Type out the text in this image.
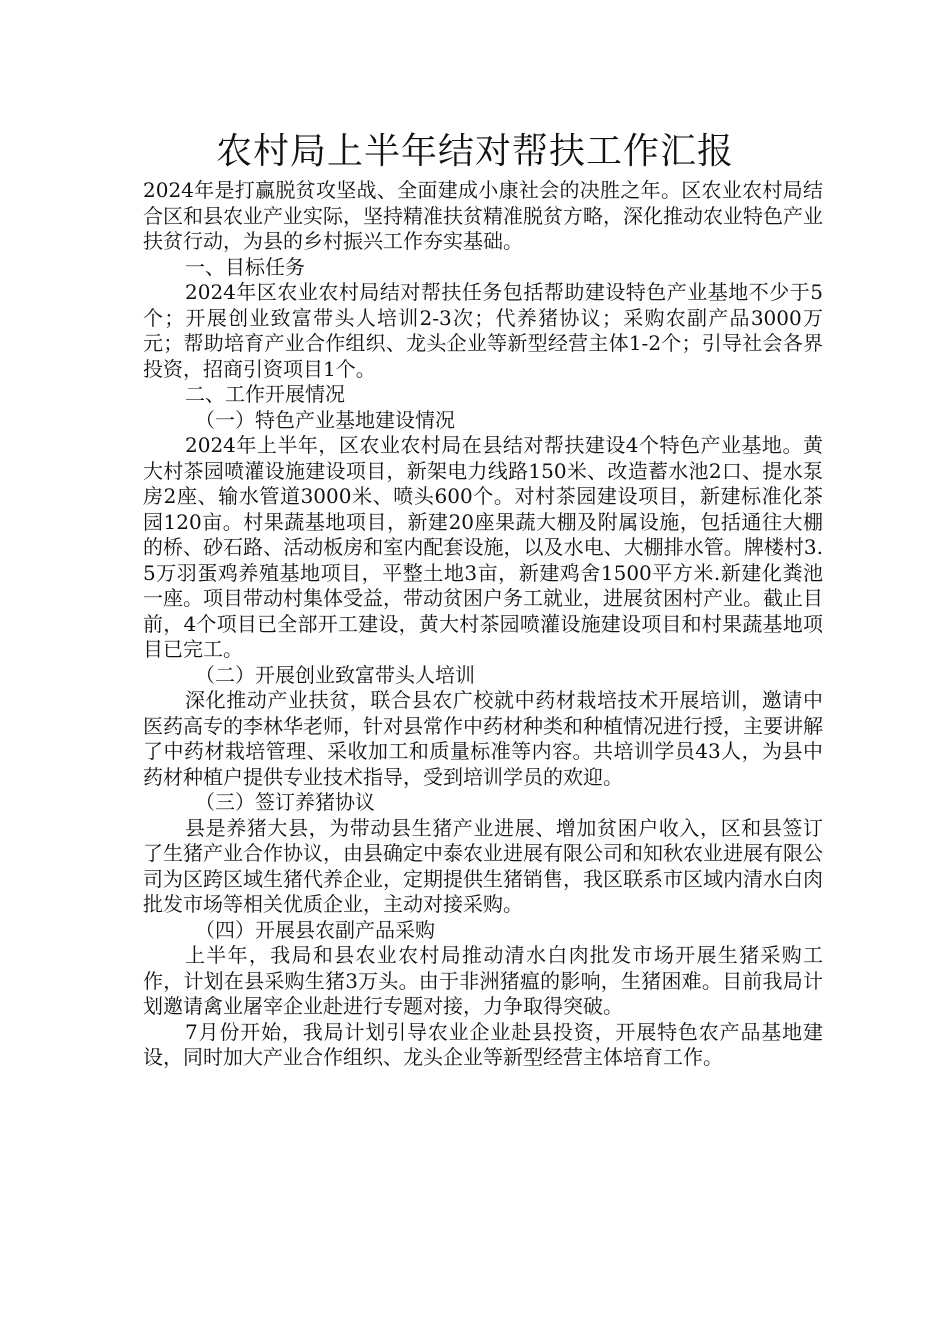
农村局上半年结对帮扶工作汇报

2024年是打赢脱贫攻坚战、全面建成小康社会的决胜之年。区农业农村局结合区和县农业产业实际，坚持精准扶贫精准脱贫方略，深化推动农业特色产业扶贫行动，为县的乡村振兴工作夯实基础。

一、目标任务

2024年区农业农村局结对帮扶任务包括帮助建设特色产业基地不少于5个；开展创业致富带头人培训2-3次；代养猪协议；采购农副产品3000万元；帮助培育产业合作组织、龙头企业等新型经营主体1-2个；引导社会各界投资，招商引资项目1个。

二、工作开展情况

（一）特色产业基地建设情况

2024年上半年，区农业农村局在县结对帮扶建设4个特色产业基地。黄大村茶园喷灌设施建设项目，新架电力线路150米、改造蓄水池2口、提水泵房2座、输水管道3000米、喷头600个。对村茶园建设项目，新建标准化茶园120亩。村果蔬基地项目，新建20座果蔬大棚及附属设施，包括通往大棚的桥、砂石路、活动板房和室内配套设施，以及水电、大棚排水管。牌楼村3.5万羽蛋鸡养殖基地项目，平整土地3亩，新建鸡舍1500平方米.新建化粪池一座。项目带动村集体受益，带动贫困户务工就业，进展贫困村产业。截止目前，4个项目已全部开工建设，黄大村茶园喷灌设施建设项目和村果蔬基地项目已完工。

（二）开展创业致富带头人培训

深化推动产业扶贫，联合县农广校就中药材栽培技术开展培训，邀请中医药高专的李林华老师，针对县常作中药材种类和种植情况进行授，主要讲解了中药材栽培管理、采收加工和质量标准等内容。共培训学员43人，为县中药材种植户提供专业技术指导，受到培训学员的欢迎。

（三）签订养猪协议

县是养猪大县，为带动县生猪产业进展、增加贫困户收入，区和县签订了生猪产业合作协议，由县确定中泰农业进展有限公司和知秋农业进展有限公司为区跨区域生猪代养企业，定期提供生猪销售，我区联系市区域内清水白肉批发市场等相关优质企业，主动对接采购。

（四）开展县农副产品采购

上半年，我局和县农业农村局推动清水白肉批发市场开展生猪采购工作，计划在县采购生猪3万头。由于非洲猪瘟的影响，生猪困难。目前我局计划邀请禽业屠宰企业赴进行专题对接，力争取得突破。

7月份开始，我局计划引导农业企业赴县投资，开展特色农产品基地建设，同时加大产业合作组织、龙头企业等新型经营主体培育工作。
